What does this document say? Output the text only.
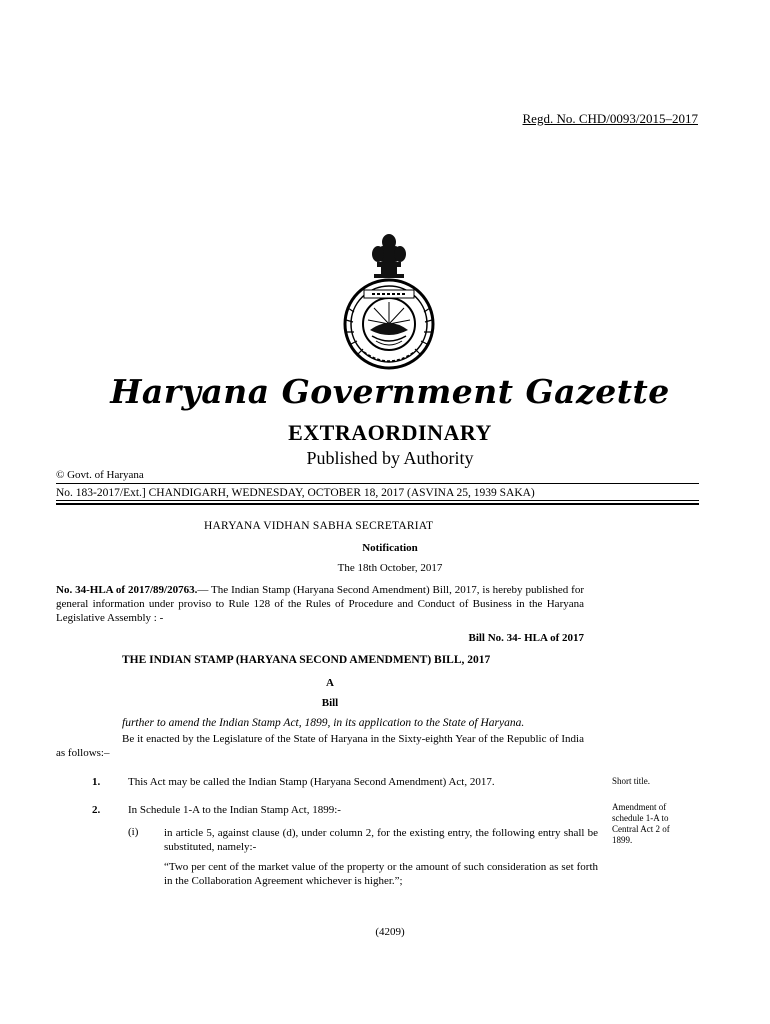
Regd. No. CHD/0093/2015–2017
Haryana Government Gazette
EXTRAORDINARY
Published by Authority
© Govt. of Haryana
No. 183-2017/Ext.] CHANDIGARH, WEDNESDAY, OCTOBER 18, 2017 (ASVINA 25, 1939 SAKA)
HARYANA VIDHAN SABHA SECRETARIAT
Notification
The 18th October, 2017
No. 34-HLA of 2017/89/20763.— The Indian Stamp (Haryana Second Amendment) Bill, 2017, is hereby published for general information under proviso to Rule 128 of the Rules of Procedure and Conduct of Business in the Haryana Legislative Assembly : -
Bill No. 34- HLA of 2017
THE INDIAN STAMP (HARYANA SECOND AMENDMENT) BILL, 2017
A
Bill
further to amend the Indian Stamp Act, 1899, in its application to the State of Haryana.
Be it enacted by the Legislature of the State of Haryana in the Sixty-eighth Year of the Republic of India as follows:–
1.	This Act may be called the Indian Stamp (Haryana Second Amendment) Act, 2017.	Short title.
2.	In Schedule 1-A to the Indian Stamp Act, 1899:-	Amendment of schedule 1-A to Central Act 2 of 1899.
(i) in article 5, against clause (d), under column 2, for the existing entry, the following entry shall be substituted, namely:-
“Two per cent of the market value of the property or the amount of such consideration as set forth in the Collaboration Agreement whichever is higher.”;
(4209)
